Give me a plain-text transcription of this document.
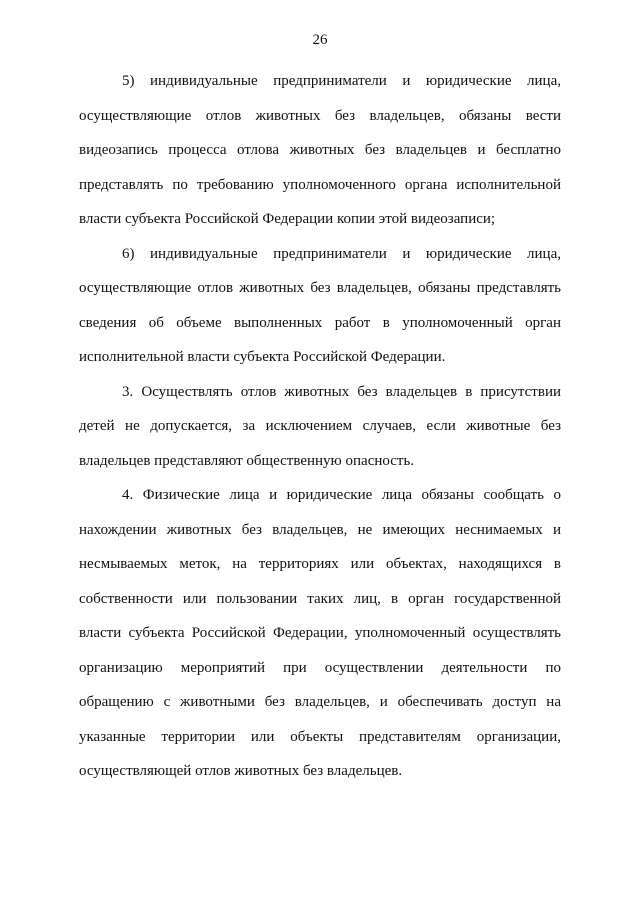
26

5) индивидуальные предприниматели и юридические лица, осуществляющие отлов животных без владельцев, обязаны вести видеозапись процесса отлова животных без владельцев и бесплатно представлять по требованию уполномоченного органа исполнительной власти субъекта Российской Федерации копии этой видеозаписи;

6) индивидуальные предприниматели и юридические лица, осуществляющие отлов животных без владельцев, обязаны представлять сведения об объеме выполненных работ в уполномоченный орган исполнительной власти субъекта Российской Федерации.

3. Осуществлять отлов животных без владельцев в присутствии детей не допускается, за исключением случаев, если животные без владельцев представляют общественную опасность.

4. Физические лица и юридические лица обязаны сообщать о нахождении животных без владельцев, не имеющих неснимаемых и несмываемых меток, на территориях или объектах, находящихся в собственности или пользовании таких лиц, в орган государственной власти субъекта Российской Федерации, уполномоченный осуществлять организацию мероприятий при осуществлении деятельности по обращению с животными без владельцев, и обеспечивать доступ на указанные территории или объекты представителям организации, осуществляющей отлов животных без владельцев.
